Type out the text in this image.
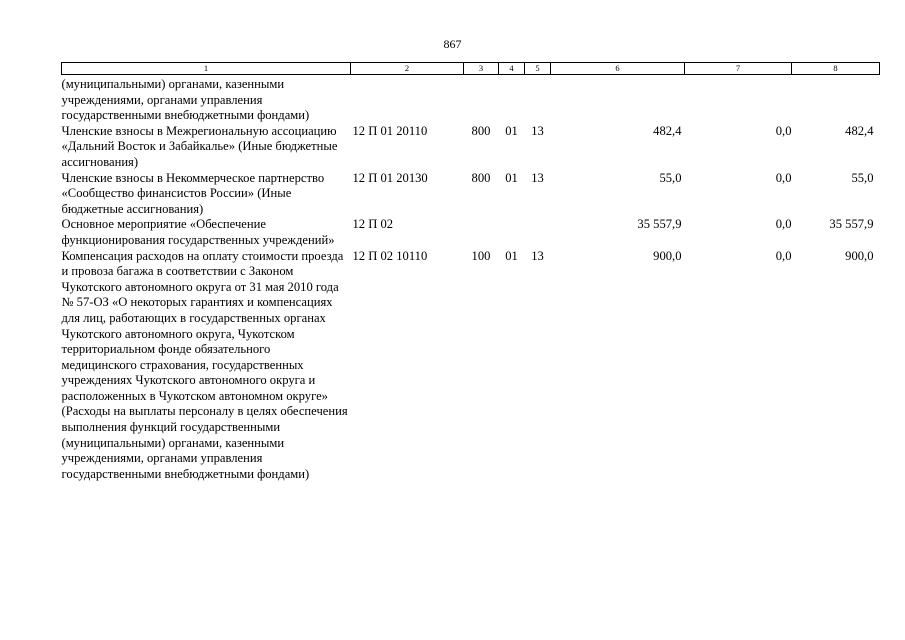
867
1	2	3	4	5	6	7	8
(муниципальными) органами, казенными учреждениями, органами управления государственными внебюджетными фондами)							
Членские взносы в Межрегиональную ассоциацию «Дальний Восток и Забайкалье» (Иные бюджетные ассигнования)	12 П 01 20110	800	01	13	482,4	0,0	482,4
Членские взносы в Некоммерческое партнерство «Сообщество финансистов России» (Иные бюджетные ассигнования)	12 П 01 20130	800	01	13	55,0	0,0	55,0
Основное мероприятие «Обеспечение функционирования государственных учреждений»	12 П 02				35 557,9	0,0	35 557,9
Компенсация расходов на оплату стоимости проезда и провоза багажа в соответствии с Законом Чукотского автономного округа от 31 мая 2010 года № 57-ОЗ «О некоторых гарантиях и компенсациях для лиц, работающих в государственных органах Чукотского автономного округа, Чукотском территориальном фонде обязательного медицинского страхования, государственных учреждениях Чукотского автономного округа и расположенных в Чукотском автономном округе» (Расходы на выплаты персоналу в целях обеспечения выполнения функций государственными (муниципальными) органами, казенными учреждениями, органами управления государственными внебюджетными фондами)	12 П 02 10110	100	01	13	900,0	0,0	900,0
